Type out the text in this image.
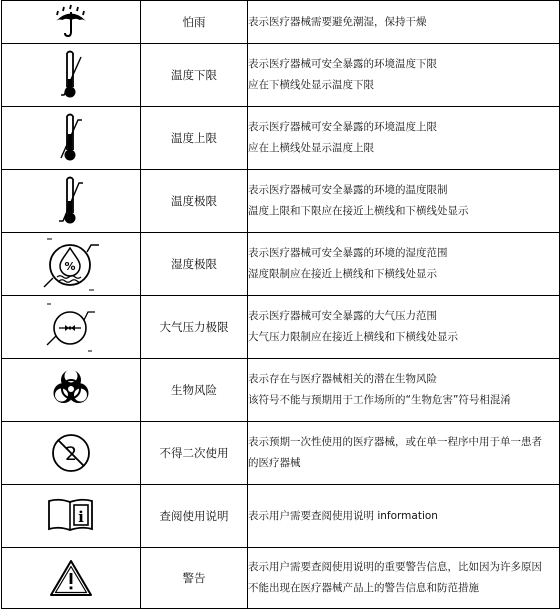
	怕雨	表示医疗器械需要避免潮湿，保持干燥

	温度下限	表示医疗器械可安全暴露的环境温度下限
应在下横线处显示温度下限

	温度上限	表示医疗器械可安全暴露的环境温度上限
应在上横线处显示温度上限

	温度极限	表示医疗器械可安全暴露的环境的温度限制
温度上限和下限应在接近上横线和下横线处显示

%	湿度极限	表示医疗器械可安全暴露的环境的湿度范围
湿度限制应在接近上横线和下横线处显示

	大气压力极限	表示医疗器械可安全暴露的大气压力范围
大气压力限制应在接近上横线和下横线处显示

	生物风险	表示存在与医疗器械相关的潜在生物风险
该符号不能与预期用于工作场所的“生物危害”符号相混淆

2	不得二次使用	表示预期一次性使用的医疗器械，或在单一程序中用于单一患者
的医疗器械

i	查阅使用说明	表示用户需要查阅使用说明 information

	警告	表示用户需要查阅使用说明的重要警告信息，比如因为许多原因
不能出现在医疗器械产品上的警告信息和防范措施
